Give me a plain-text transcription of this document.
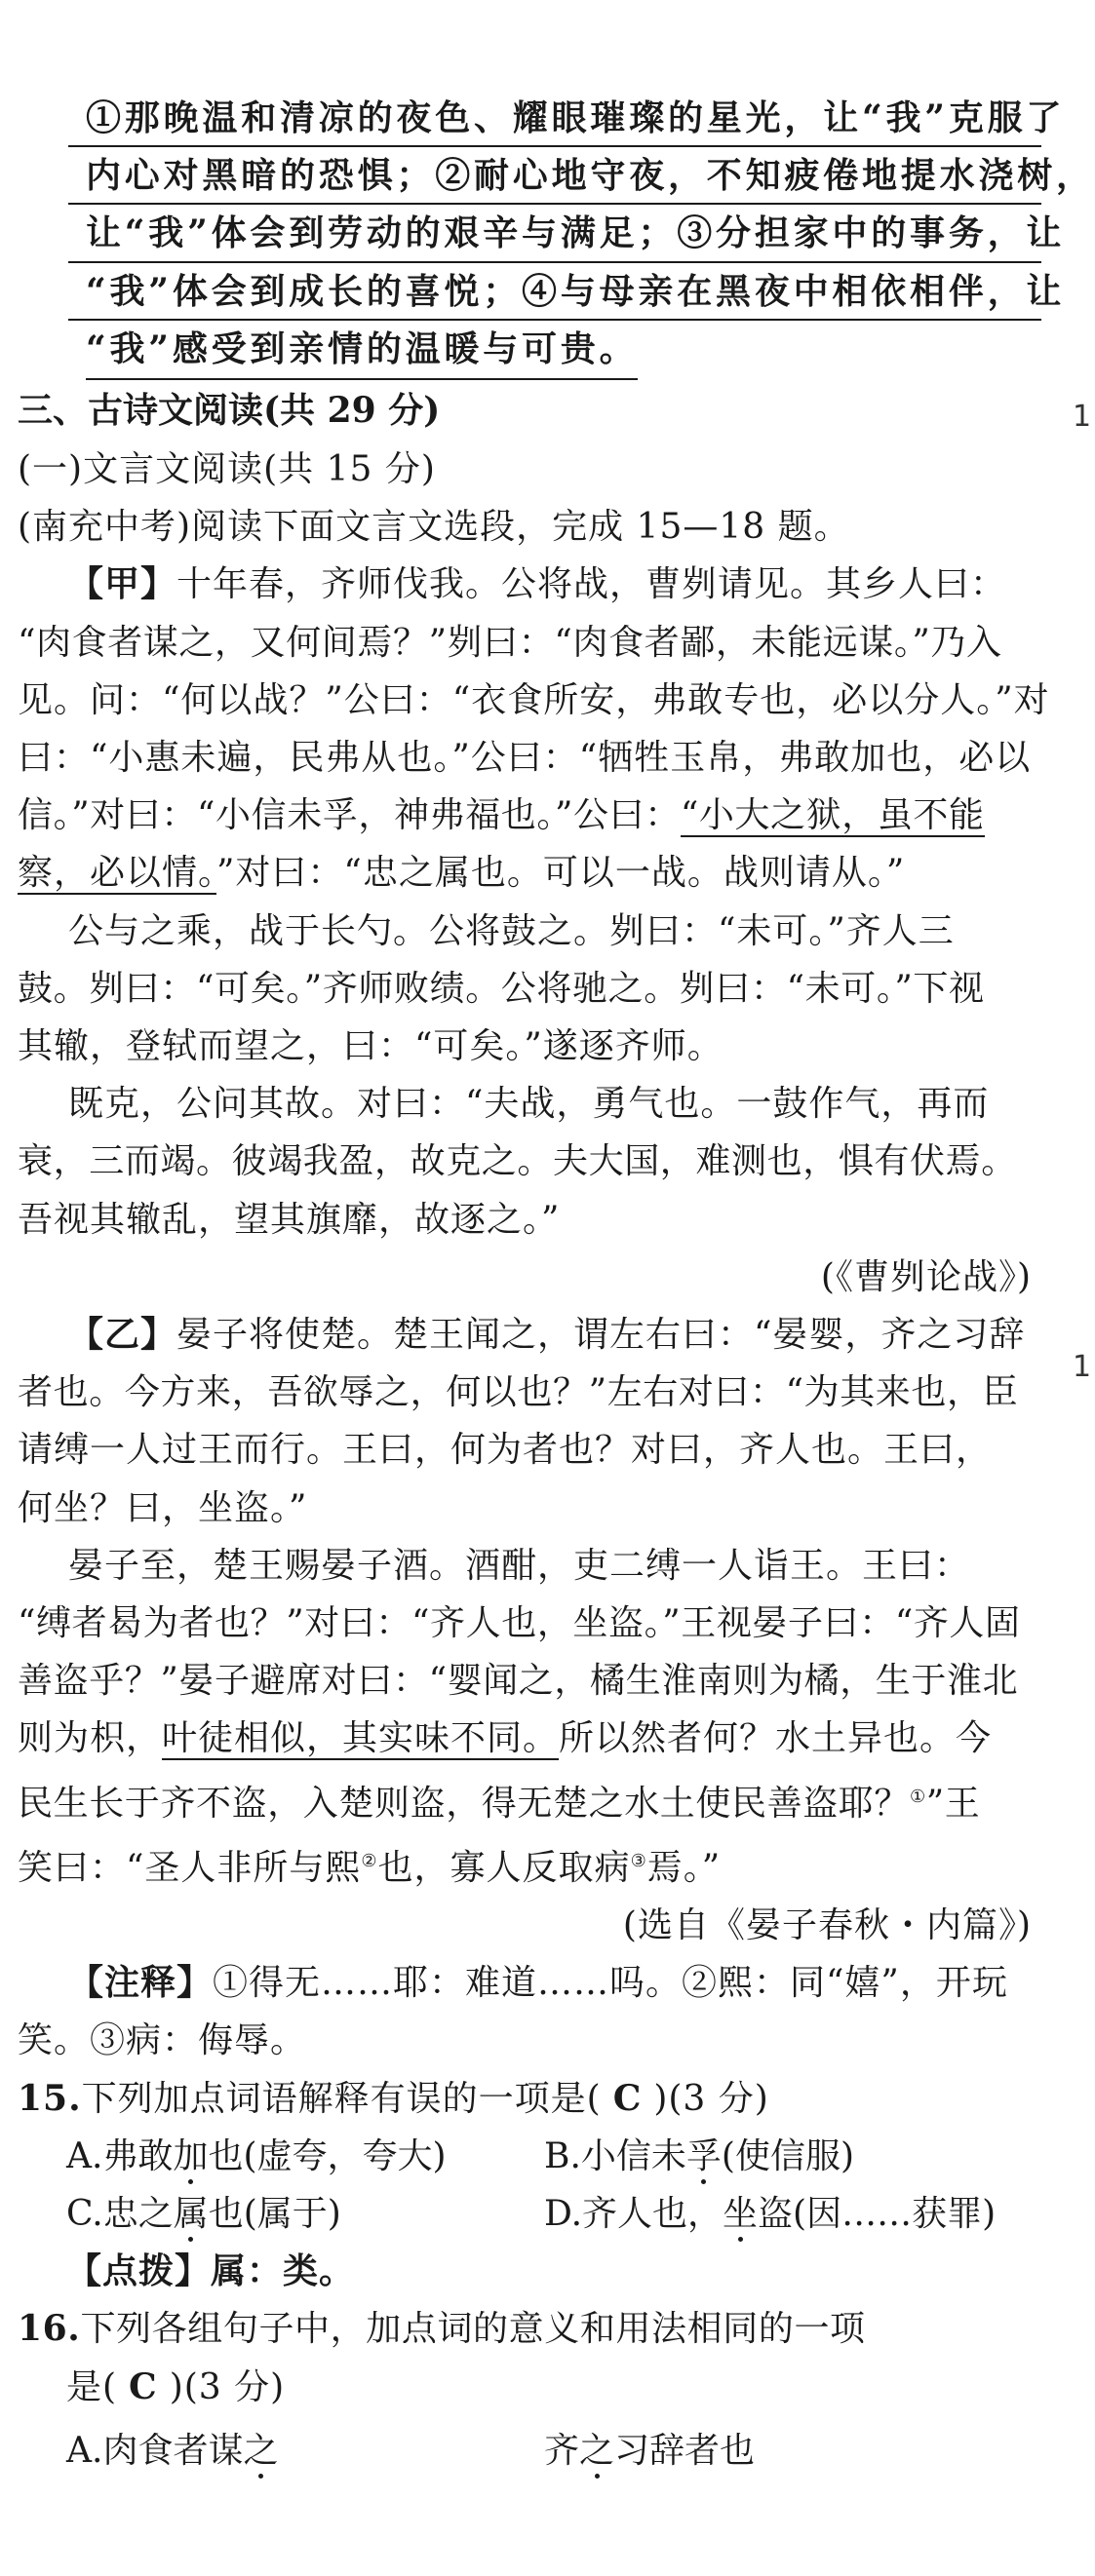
1
1
①那晚温和清凉的夜色、耀眼璀璨的星光，让“我”克服了
内心对黑暗的恐惧；②耐心地守夜，不知疲倦地提水浇树，
让“我”体会到劳动的艰辛与满足；③分担家中的事务，让
“我”体会到成长的喜悦；④与母亲在黑夜中相依相伴，让
“我”感受到亲情的温暖与可贵。
三、古诗文阅读(共 29 分)
(一)文言文阅读(共 15 分)
(南充中考)阅读下面文言文选段，完成 15—18 题。
【甲】十年春，齐师伐我。公将战，曹刿请见。其乡人曰：
“肉食者谋之，又何间焉？”刿曰：“肉食者鄙，未能远谋。”乃入
见。问：“何以战？”公曰：“衣食所安，弗敢专也，必以分人。”对
曰：“小惠未遍，民弗从也。”公曰：“牺牲玉帛，弗敢加也，必以
信。”对曰：“小信未孚，神弗福也。”公曰：“小大之狱，虽不能
察，必以情。”对曰：“忠之属也。可以一战。战则请从。”
公与之乘，战于长勺。公将鼓之。刿曰：“未可。”齐人三
鼓。刿曰：“可矣。”齐师败绩。公将驰之。刿曰：“未可。”下视
其辙，登轼而望之，曰：“可矣。”遂逐齐师。
既克，公问其故。对曰：“夫战，勇气也。一鼓作气，再而
衰，三而竭。彼竭我盈，故克之。夫大国，难测也，惧有伏焉。
吾视其辙乱，望其旗靡，故逐之。”
(《曹刿论战》)
【乙】晏子将使楚。楚王闻之，谓左右曰：“晏婴，齐之习辞
者也。今方来，吾欲辱之，何以也？”左右对曰：“为其来也，臣
请缚一人过王而行。王曰，何为者也？对曰，齐人也。王曰，
何坐？曰，坐盗。”
晏子至，楚王赐晏子酒。酒酣，吏二缚一人诣王。王曰：
“缚者曷为者也？”对曰：“齐人也，坐盗。”王视晏子曰：“齐人固
善盗乎？”晏子避席对曰：“婴闻之，橘生淮南则为橘，生于淮北
则为枳，叶徒相似，其实味不同。所以然者何？水土异也。今
民生长于齐不盗，入楚则盗，得无楚之水土使民善盗耶？①”王
笑曰：“圣人非所与熙②也，寡人反取病③焉。”
(选自《晏子春秋・内篇》)
【注释】①得无……耶：难道……吗。②熙：同“嬉”，开玩
笑。③病：侮辱。
15.下列加点词语解释有误的一项是( C )(3 分)
A.弗敢加也(虚夸，夸大)	B.小信未孚(使信服)
C.忠之属也(属于)	D.齐人也，坐盗(因……获罪)
【点拨】属：类。
16.下列各组句子中，加点词的意义和用法相同的一项
是( C )(3 分)
A.肉食者谋之	齐之习辞者也
